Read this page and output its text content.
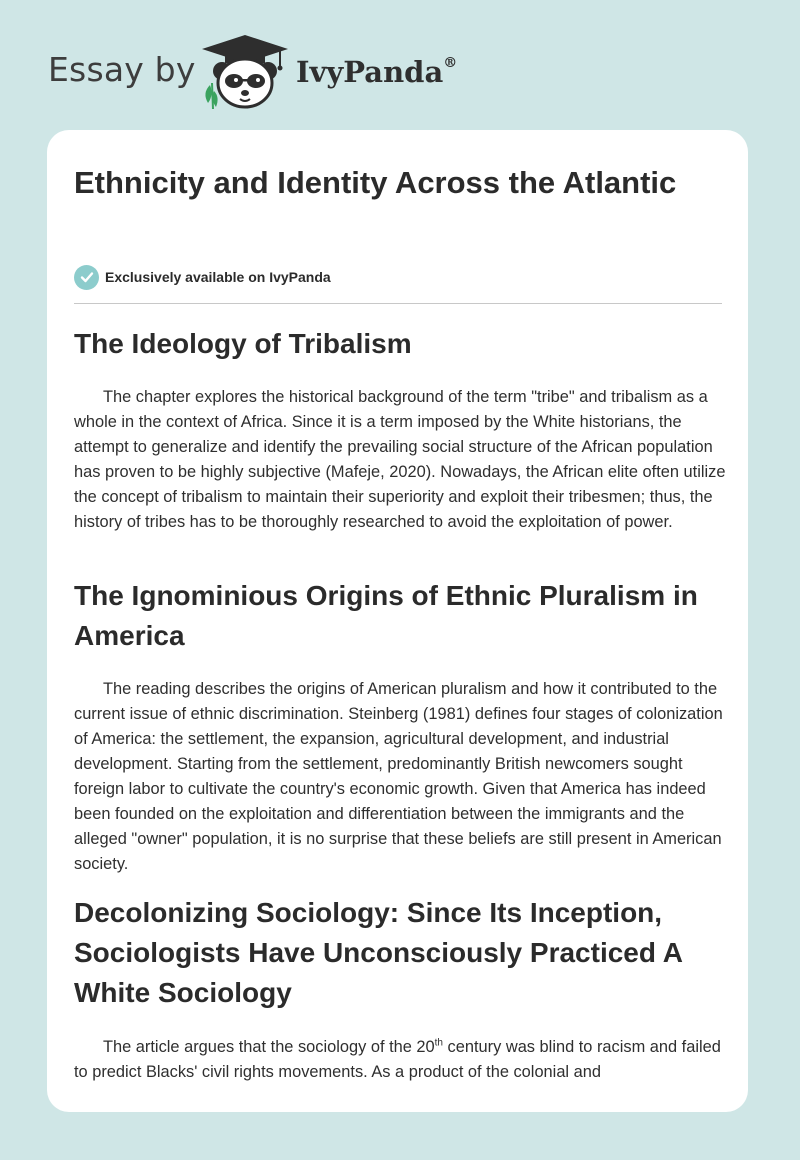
Essay by	IvyPanda®
Ethnicity and Identity Across the Atlantic
Exclusively available on IvyPanda
The Ideology of Tribalism

The chapter explores the historical background of the term "tribe" and tribalism as a whole in the context of Africa. Since it is a term imposed by the White historians, the attempt to generalize and identify the prevailing social structure of the African population has proven to be highly subjective (Mafeje, 2020). Nowadays, the African elite often utilize the concept of tribalism to maintain their superiority and exploit their tribesmen; thus, the history of tribes has to be thoroughly researched to avoid the exploitation of power.

The Ignominious Origins of Ethnic Pluralism in America

The reading describes the origins of American pluralism and how it contributed to the current issue of ethnic discrimination. Steinberg (1981) defines four stages of colonization of America: the settlement, the expansion, agricultural development, and industrial development. Starting from the settlement, predominantly British newcomers sought foreign labor to cultivate the country's economic growth. Given that America has indeed been founded on the exploitation and differentiation between the immigrants and the alleged "owner" population, it is no surprise that these beliefs are still present in American society.

Decolonizing Sociology: Since Its Inception, Sociologists Have Unconsciously Practiced A White Sociology

The article argues that the sociology of the 20th century was blind to racism and failed to predict Blacks' civil rights movements. As a product of the colonial and
